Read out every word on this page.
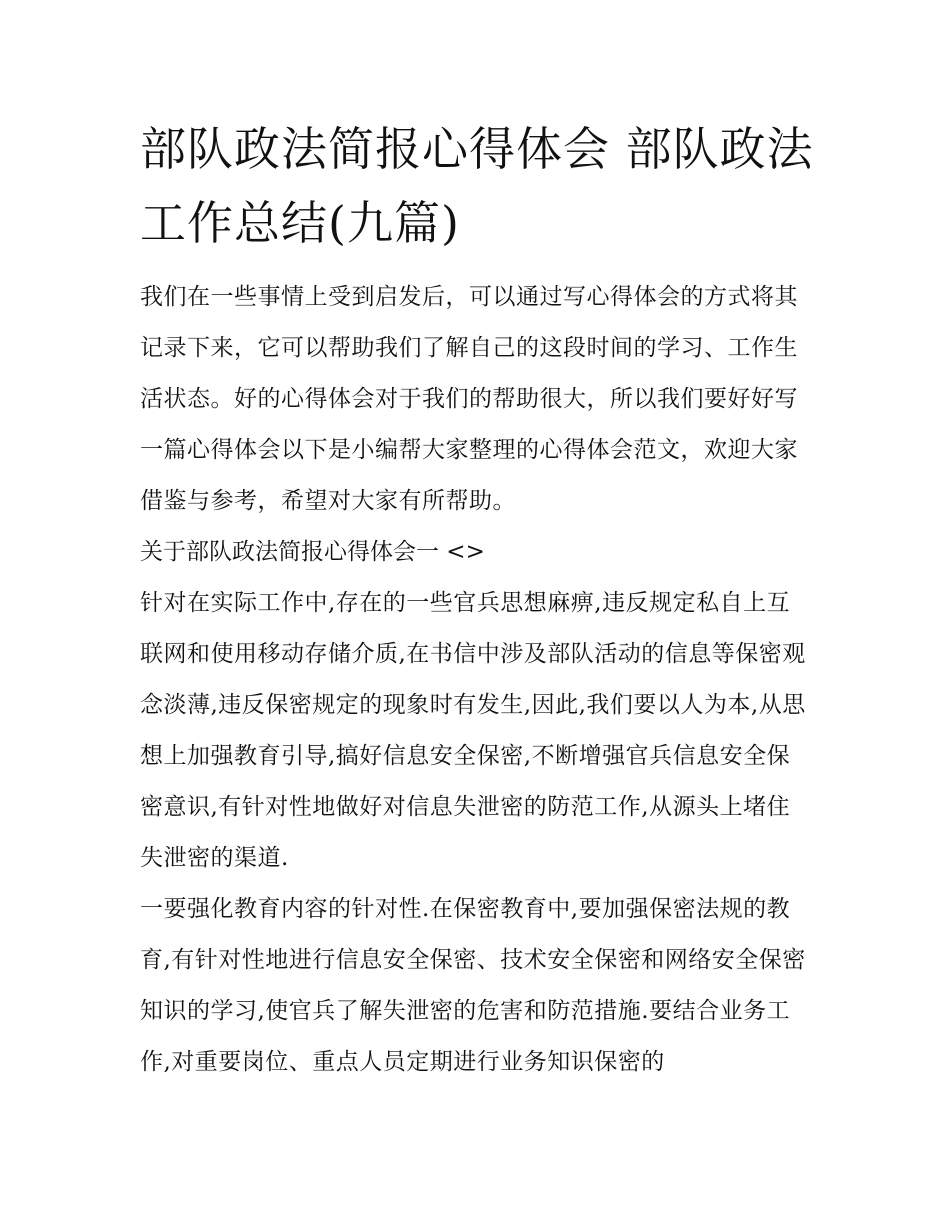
部队政法简报心得体会 部队政法工作总结(九篇)

我们在一些事情上受到启发后，可以通过写心得体会的方式将其记录下来，它可以帮助我们了解自己的这段时间的学习、工作生活状态。好的心得体会对于我们的帮助很大，所以我们要好好写一篇心得体会以下是小编帮大家整理的心得体会范文，欢迎大家借鉴与参考，希望对大家有所帮助。

关于部队政法简报心得体会一 <>

针对在实际工作中,存在的一些官兵思想麻痹,违反规定私自上互联网和使用移动存储介质,在书信中涉及部队活动的信息等保密观念淡薄,违反保密规定的现象时有发生,因此,我们要以人为本,从思想上加强教育引导,搞好信息安全保密,不断增强官兵信息安全保密意识,有针对性地做好对信息失泄密的防范工作,从源头上堵住失泄密的渠道.

一要强化教育内容的针对性.在保密教育中,要加强保密法规的教育,有针对性地进行信息安全保密、技术安全保密和网络安全保密知识的学习,使官兵了解失泄密的危害和防范措施.要结合业务工作,对重要岗位、重点人员定期进行业务知识保密的
